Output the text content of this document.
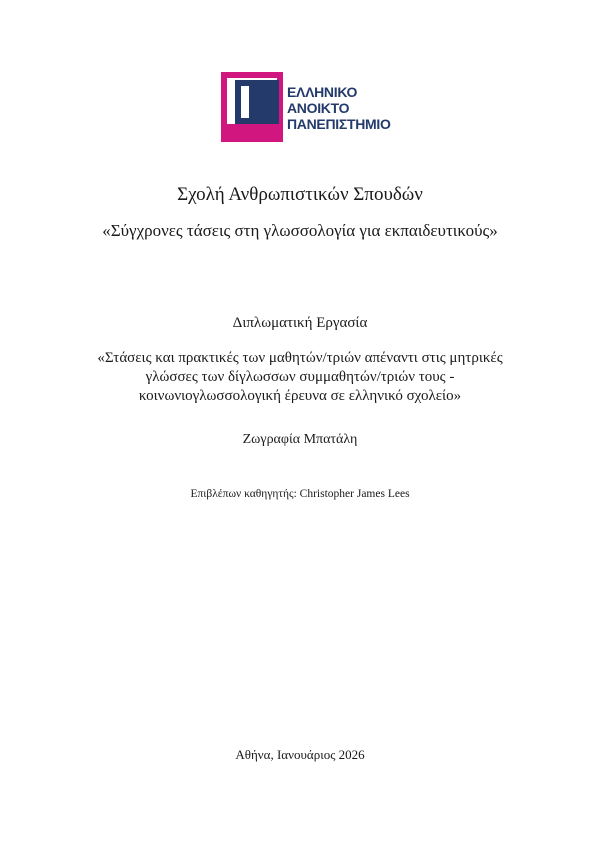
ΕΛΛΗΝΙΚΟ
ΑΝΟΙΚΤΟ
ΠΑΝΕΠΙΣΤΗΜΙΟ
Σχολή Ανθρωπιστικών Σπουδών
«Σύγχρονες τάσεις στη γλωσσολογία για εκπαιδευτικούς»
Διπλωματική Εργασία
«Στάσεις και πρακτικές των μαθητών/τριών απέναντι στις μητρικές
γλώσσες των δίγλωσσων συμμαθητών/τριών τους -
κοινωνιογλωσσολογική έρευνα σε ελληνικό σχολείο»
Ζωγραφία Μπατάλη
Επιβλέπων καθηγητής: Christopher James Lees
Αθήνα, Ιανουάριος 2026
